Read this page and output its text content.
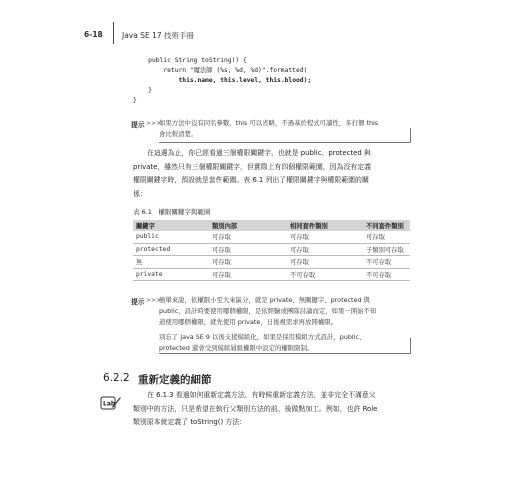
6-18	Java SE 17 技術手冊
public String toString() {
return "魔法師 (%s, %d, %d)".formatted(
this.name, this.level, this.blood);
}
}
提示 >>>
如果方法中沒有同名參數，this 可以省略，不過基於程式可讀性，多打個 this
會比較清楚。
在這邊為止，你已經看過三個權限關鍵字，也就是 public、protected 與
private，雖然只有三個權限關鍵字，但實際上有四個權限範圍，因為沒有定義
權限關鍵字時，預設就是套件範圍。表 6.1 列出了權限關鍵字與權限範圍的關
係：
表 6.1　權限關鍵字與範圍
關鍵字	類別內部	相同套件類別	不同套件類別
public	可存取	可存取	可存取
protected	可存取	可存取	子類別可存取
無	可存取	可存取	不可存取
private	可存取	不可存取	不可存取
提示 >>>
簡單來說，依權限小至大來區分，就是 private、無關鍵字、protected 與
public，設計時要使用哪個權限，是依經驗或團隊討論而定，如果一開始不知
道使用哪個權限，就先使用 private，日後視需求再放開權限。
別忘了 Java SE 9 以後支援模組化，如果是採用模組方式設計，public、
protected 還會受到模組層級權限中設定的權限限制。
6.2.2 重新定義的細節
Lab
在 6.1.3 看過如何重新定義方法，有時候重新定義方法，並非完全不滿意父
類別中的方法，只是希望在執行父類別方法的前、後做點加工。例如，也許 Role
類別原本就定義了 toString() 方法：
